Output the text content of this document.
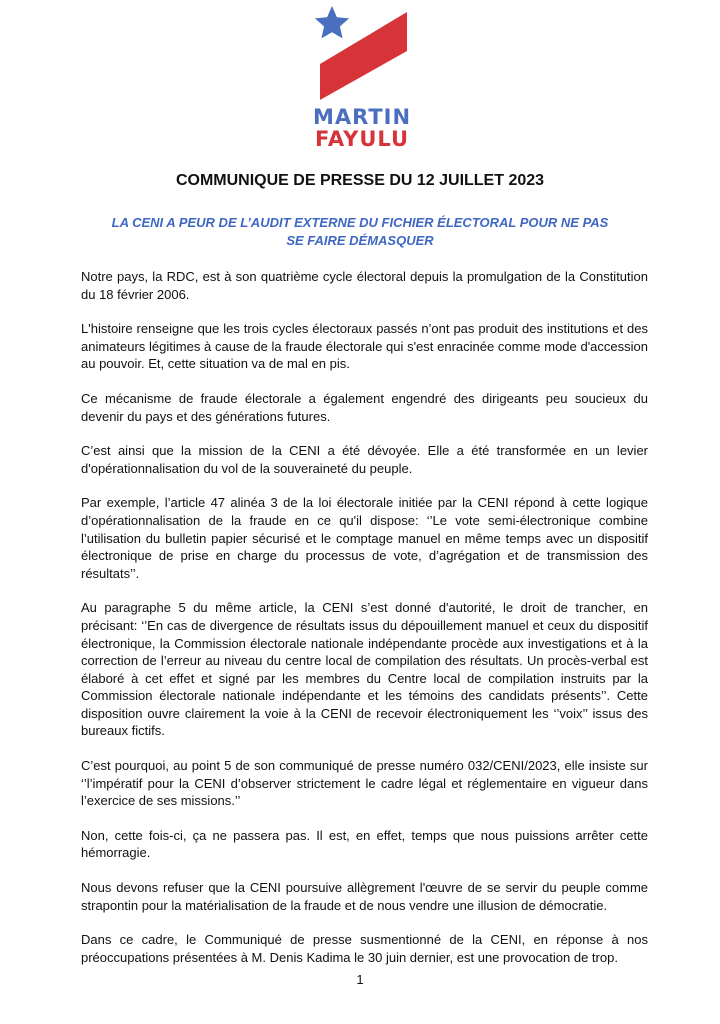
MARTIN
FAYULU
COMMUNIQUE DE PRESSE DU 12 JUILLET 2023
LA CENI A PEUR DE L’AUDIT EXTERNE DU FICHIER ÉLECTORAL POUR NE PAS SE FAIRE DÉMASQUER

Notre pays, la RDC, est à son quatrième cycle électoral depuis la promulgation de la Constitution du 18 février 2006.

L'histoire renseigne que les trois cycles électoraux passés n’ont pas produit des institutions et des animateurs légitimes à cause de la fraude électorale qui s'est enracinée comme mode d'accession au pouvoir. Et, cette situation va de mal en pis.

Ce mécanisme de fraude électorale a également engendré des dirigeants peu soucieux du devenir du pays et des générations futures.

C’est ainsi que la mission de la CENI a été dévoyée. Elle a été transformée en un levier d'opérationnalisation du vol de la souveraineté du peuple.

Par exemple, l’article 47 alinéa 3 de la loi électorale initiée par la CENI répond à cette logique d’opérationnalisation de la fraude en ce qu'il dispose: ‘’Le vote semi-électronique combine l’utilisation du bulletin papier sécurisé et le comptage manuel en même temps avec un dispositif électronique de prise en charge du processus de vote, d’agrégation et de transmission des résultats’’.

Au paragraphe 5 du même article, la CENI s’est donné d'autorité, le droit de trancher, en précisant: ‘’En cas de divergence de résultats issus du dépouillement manuel et ceux du dispositif électronique, la Commission électorale nationale indépendante procède aux investigations et à la correction de l’erreur au niveau du centre local de compilation des résultats. Un procès-verbal est élaboré à cet effet et signé par les membres du Centre local de compilation instruits par la Commission électorale nationale indépendante et les témoins des candidats présents’’. Cette disposition ouvre clairement la voie à la CENI de recevoir électroniquement les ‘’voix’’ issus des bureaux fictifs.

C’est pourquoi, au point 5 de son communiqué de presse numéro 032/CENI/2023, elle insiste sur ‘’l’impératif pour la CENI d’observer strictement le cadre légal et réglementaire en vigueur dans l’exercice de ses missions.’’

Non, cette fois-ci, ça ne passera pas. Il est, en effet, temps que nous puissions arrêter cette hémorragie.

Nous devons refuser que la CENI poursuive allègrement l'œuvre de se servir du peuple comme strapontin pour la matérialisation de la fraude et de nous vendre une illusion de démocratie.

Dans ce cadre, le Communiqué de presse susmentionné de la CENI, en réponse à nos préoccupations présentées à M. Denis Kadima le 30 juin dernier, est une provocation de trop.

1
